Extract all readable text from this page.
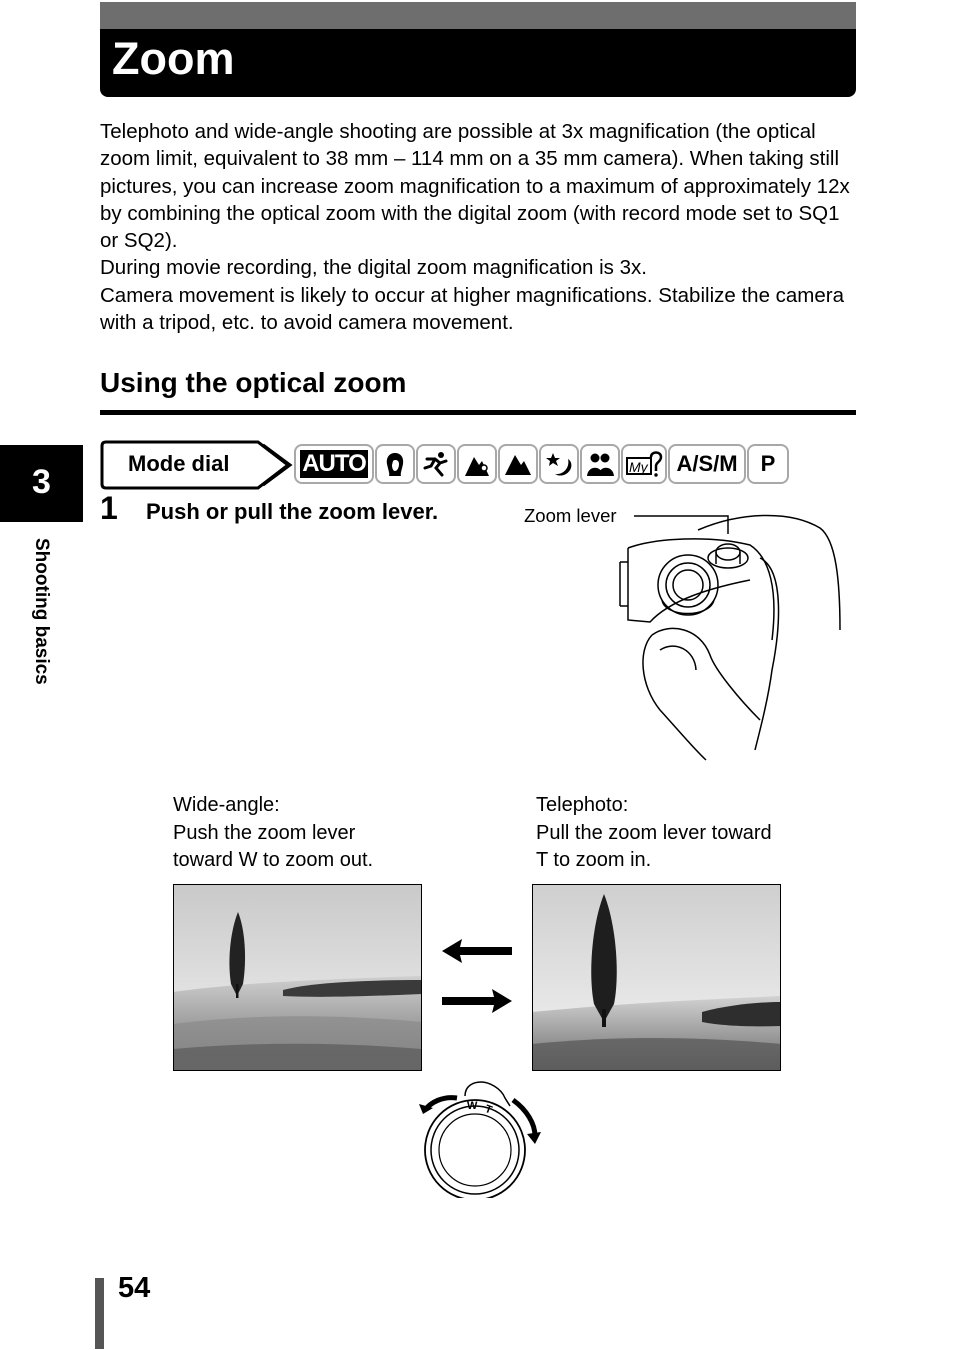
Zoom

Telephoto and wide-angle shooting are possible at 3x magnification (the optical zoom limit, equivalent to 38 mm – 114 mm on a 35 mm camera). When taking still pictures, you can increase zoom magnification to a maximum of approximately 12x by combining the optical zoom with the digital zoom (with record mode set to SQ1 or SQ2).

During movie recording, the digital zoom magnification is 3x.

Camera movement is likely to occur at higher magnifications. Stabilize the camera with a tripod, etc. to avoid camera movement.

Using the optical zoom
3
Shooting basics
Mode dial	AUTO	My A/S/M P
1 Push or pull the zoom lever.	Zoom lever
Wide-angle:
Push the zoom lever
toward W to zoom out.
Telephoto:
Pull the zoom lever toward
T to zoom in.
W T
54
